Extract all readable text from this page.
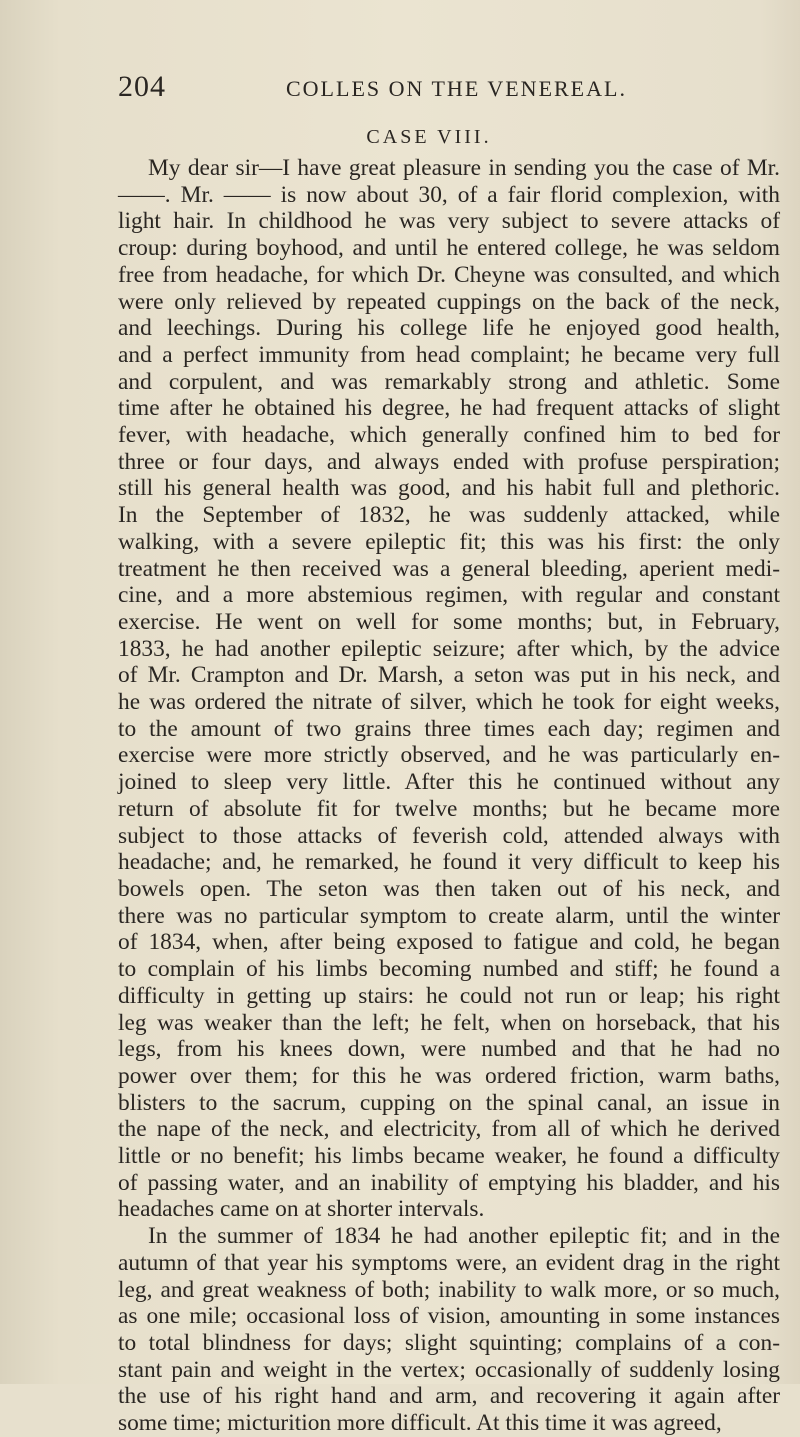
204	COLLES ON THE VENEREAL.
CASE VIII.
My dear sir—I have great pleasure in sending you the case of Mr.
——. Mr. —— is now about 30, of a fair florid complexion, with
light hair. In childhood he was very subject to severe attacks of
croup: during boyhood, and until he entered college, he was seldom
free from headache, for which Dr. Cheyne was consulted, and which
were only relieved by repeated cuppings on the back of the neck,
and leechings. During his college life he enjoyed good health,
and a perfect immunity from head complaint; he became very full
and corpulent, and was remarkably strong and athletic. Some
time after he obtained his degree, he had frequent attacks of slight
fever, with headache, which generally confined him to bed for
three or four days, and always ended with profuse perspiration;
still his general health was good, and his habit full and plethoric.
In the September of 1832, he was suddenly attacked, while
walking, with a severe epileptic fit; this was his first: the only
treatment he then received was a general bleeding, aperient medi-
cine, and a more abstemious regimen, with regular and constant
exercise. He went on well for some months; but, in February,
1833, he had another epileptic seizure; after which, by the advice
of Mr. Crampton and Dr. Marsh, a seton was put in his neck, and
he was ordered the nitrate of silver, which he took for eight weeks,
to the amount of two grains three times each day; regimen and
exercise were more strictly observed, and he was particularly en-
joined to sleep very little. After this he continued without any
return of absolute fit for twelve months; but he became more
subject to those attacks of feverish cold, attended always with
headache; and, he remarked, he found it very difficult to keep his
bowels open. The seton was then taken out of his neck, and
there was no particular symptom to create alarm, until the winter
of 1834, when, after being exposed to fatigue and cold, he began
to complain of his limbs becoming numbed and stiff; he found a
difficulty in getting up stairs: he could not run or leap; his right
leg was weaker than the left; he felt, when on horseback, that his
legs, from his knees down, were numbed and that he had no
power over them; for this he was ordered friction, warm baths,
blisters to the sacrum, cupping on the spinal canal, an issue in
the nape of the neck, and electricity, from all of which he derived
little or no benefit; his limbs became weaker, he found a difficulty
of passing water, and an inability of emptying his bladder, and his
headaches came on at shorter intervals.
In the summer of 1834 he had another epileptic fit; and in the
autumn of that year his symptoms were, an evident drag in the right
leg, and great weakness of both; inability to walk more, or so much,
as one mile; occasional loss of vision, amounting in some instances
to total blindness for days; slight squinting; complains of a con-
stant pain and weight in the vertex; occasionally of suddenly losing
the use of his right hand and arm, and recovering it again after
some time; micturition more difficult. At this time it was agreed,
